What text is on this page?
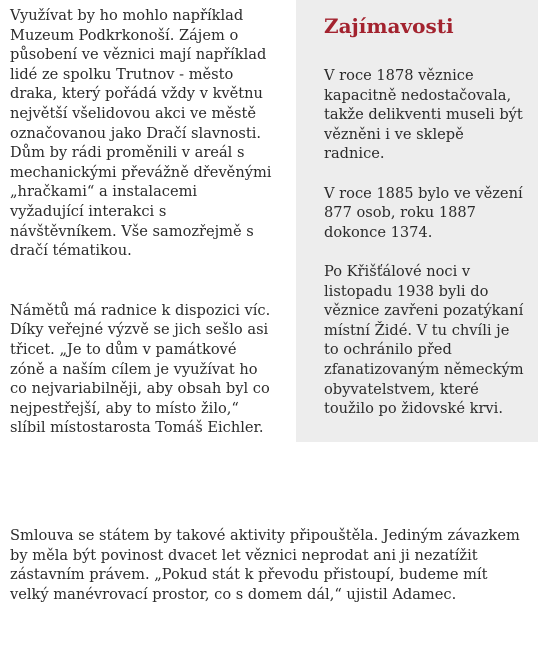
Využívat by ho mohlo například Muzeum Podkrkonoší. Zájem o působení ve věznici mají například lidé ze spolku Trutnov - město draka, který pořádá vždy v květnu největší všelidovou akci ve městě označovanou jako Dračí slavnosti. Dům by rádi proměnili v areál s mechanickými převážně dřevěnými „hračkami“ a instalacemi vyžadující interakci s návštěvníkem. Vše samozřejmě s dračí tématikou.

Námětů má radnice k dispozici víc. Díky veřejné výzvě se jich sešlo asi třicet. „Je to dům v památkové zóně a naším cílem je využívat ho co nejvariabilněji, aby obsah byl co nejpestřejší, aby to místo žilo,“ slíbil místostarosta Tomáš Eichler.

Zajímavosti

V roce 1878 věznice kapacitně nedostačovala, takže delikventi museli být vězněni i ve sklepě radnice.

V roce 1885 bylo ve vězení 877 osob, roku 1887 dokonce 1374.

Po Křišťálové noci v listopadu 1938 byli do věznice zavřeni pozatýkaní místní Židé. V tu chvíli je to ochránilo před zfanatizovaným německým obyvatelstvem, které toužilo po židovské krvi.

Smlouva se státem by takové aktivity připouštěla. Jediným závazkem by měla být povinost dvacet let věznici neprodat ani ji nezatížit zástavním právem. „Pokud stát k převodu přistoupí, budeme mít velký manévrovací prostor, co s domem dál,“ ujistil Adamec.
